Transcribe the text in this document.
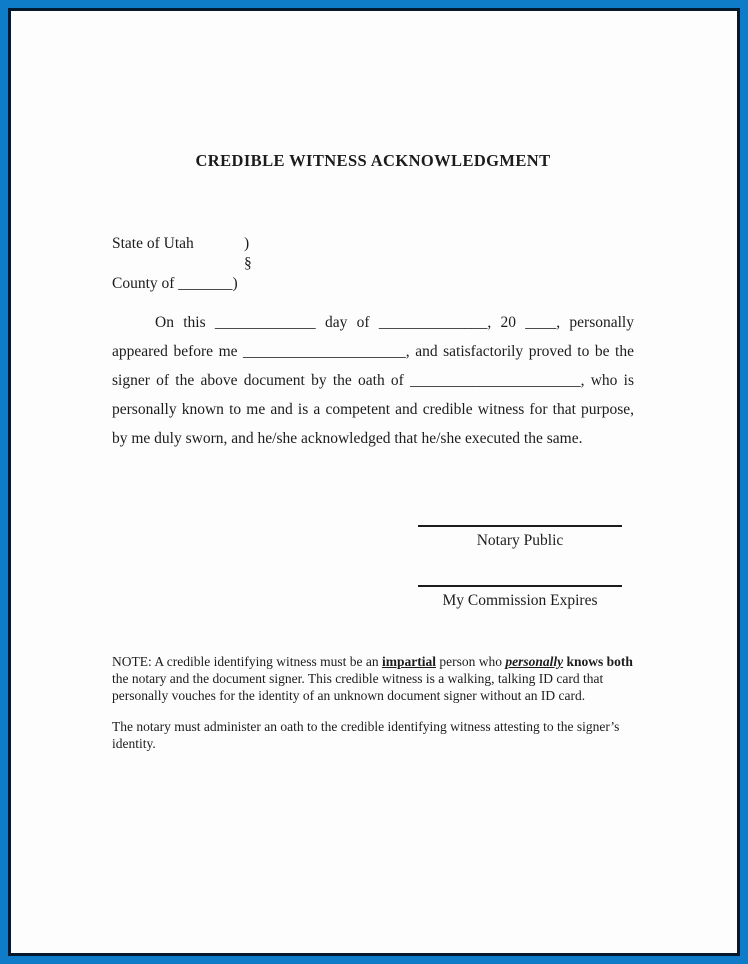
CREDIBLE WITNESS ACKNOWLEDGMENT
State of Utah	)
§
County of _______)

On this _____________ day of ______________, 20 ____, personally appeared before me _____________________, and satisfactorily proved to be the signer of the above document by the oath of ______________________, who is personally known to me and is a competent and credible witness for that purpose, by me duly sworn, and he/she acknowledged that he/she executed the same.

Notary Public
My Commission Expires

NOTE: A credible identifying witness must be an impartial person who personally knows both the notary and the document signer. This credible witness is a walking, talking ID card that personally vouches for the identity of an unknown document signer without an ID card.

The notary must administer an oath to the credible identifying witness attesting to the signer’s identity.
